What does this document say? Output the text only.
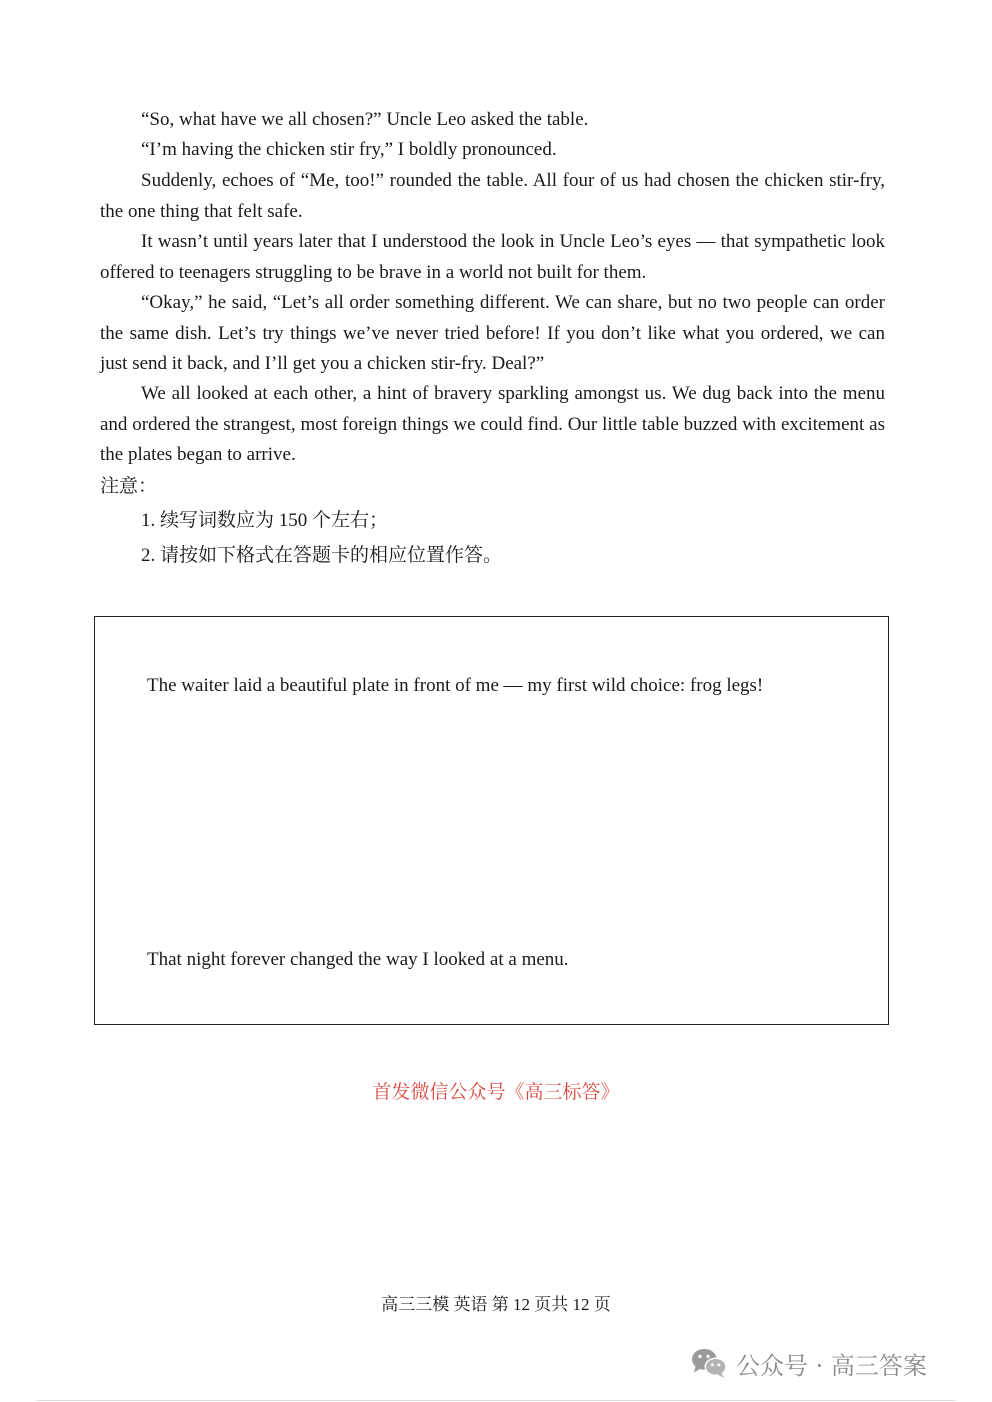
“So, what have we all chosen?” Uncle Leo asked the table.

“I’m having the chicken stir fry,” I boldly pronounced.

Suddenly, echoes of “Me, too!” rounded the table. All four of us had chosen the chicken stir-fry, the one thing that felt safe.

It wasn’t until years later that I understood the look in Uncle Leo’s eyes — that sympathetic look offered to teenagers struggling to be brave in a world not built for them.

“Okay,” he said, “Let’s all order something different. We can share, but no two people can order the same dish. Let’s try things we’ve never tried before! If you don’t like what you ordered, we can just send it back, and I’ll get you a chicken stir-fry. Deal?”

We all looked at each other, a hint of bravery sparkling amongst us. We dug back into the menu and ordered the strangest, most foreign things we could find. Our little table buzzed with excitement as the plates began to arrive.

注意：

1. 续写词数应为 150 个左右；

2. 请按如下格式在答题卡的相应位置作答。

The waiter laid a beautiful plate in front of me — my first wild choice: frog legs!

That night forever changed the way I looked at a menu.

首发微信公众号《高三标答》
高三三模 英语 第 12 页共 12 页
公众号 · 高三答案
